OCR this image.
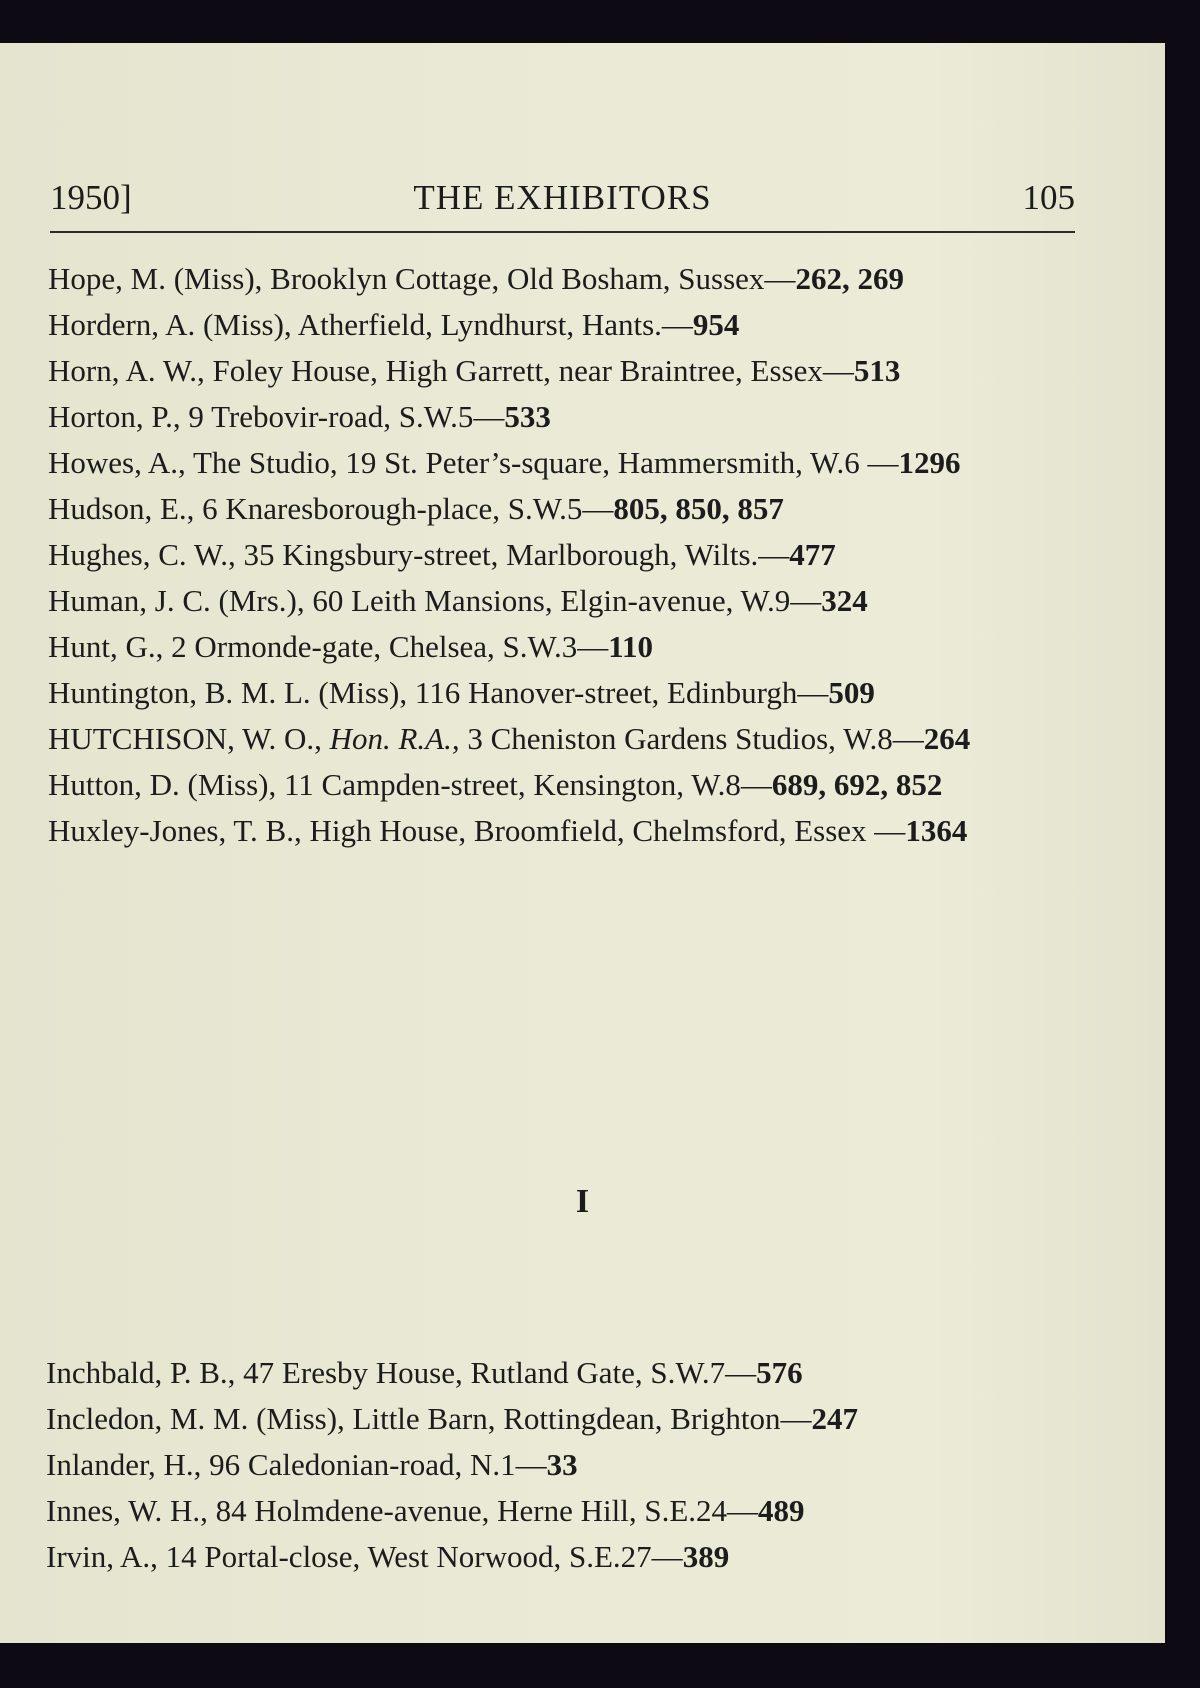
1950]	THE EXHIBITORS	105

Hope, M. (Miss), Brooklyn Cottage, Old Bosham, Sussex—262, 269

Hordern, A. (Miss), Atherfield, Lyndhurst, Hants.—954

Horn, A. W., Foley House, High Garrett, near Braintree, Essex—513

Horton, P., 9 Trebovir-road, S.W.5—533

Howes, A., The Studio, 19 St. Peter’s-square, Hammersmith, W.6 —1296

Hudson, E., 6 Knaresborough-place, S.W.5—805, 850, 857

Hughes, C. W., 35 Kingsbury-street, Marlborough, Wilts.—477

Human, J. C. (Mrs.), 60 Leith Mansions, Elgin-avenue, W.9—324

Hunt, G., 2 Ormonde-gate, Chelsea, S.W.3—110

Huntington, B. M. L. (Miss), 116 Hanover-street, Edinburgh—509

HUTCHISON, W. O., Hon. R.A., 3 Cheniston Gardens Studios, W.8—264

Hutton, D. (Miss), 11 Campden-street, Kensington, W.8—689, 692, 852

Huxley-Jones, T. B., High House, Broomfield, Chelmsford, Essex —1364

I

Inchbald, P. B., 47 Eresby House, Rutland Gate, S.W.7—576

Incledon, M. M. (Miss), Little Barn, Rottingdean, Brighton—247

Inlander, H., 96 Caledonian-road, N.1—33

Innes, W. H., 84 Holmdene-avenue, Herne Hill, S.E.24—489

Irvin, A., 14 Portal-close, West Norwood, S.E.27—389
